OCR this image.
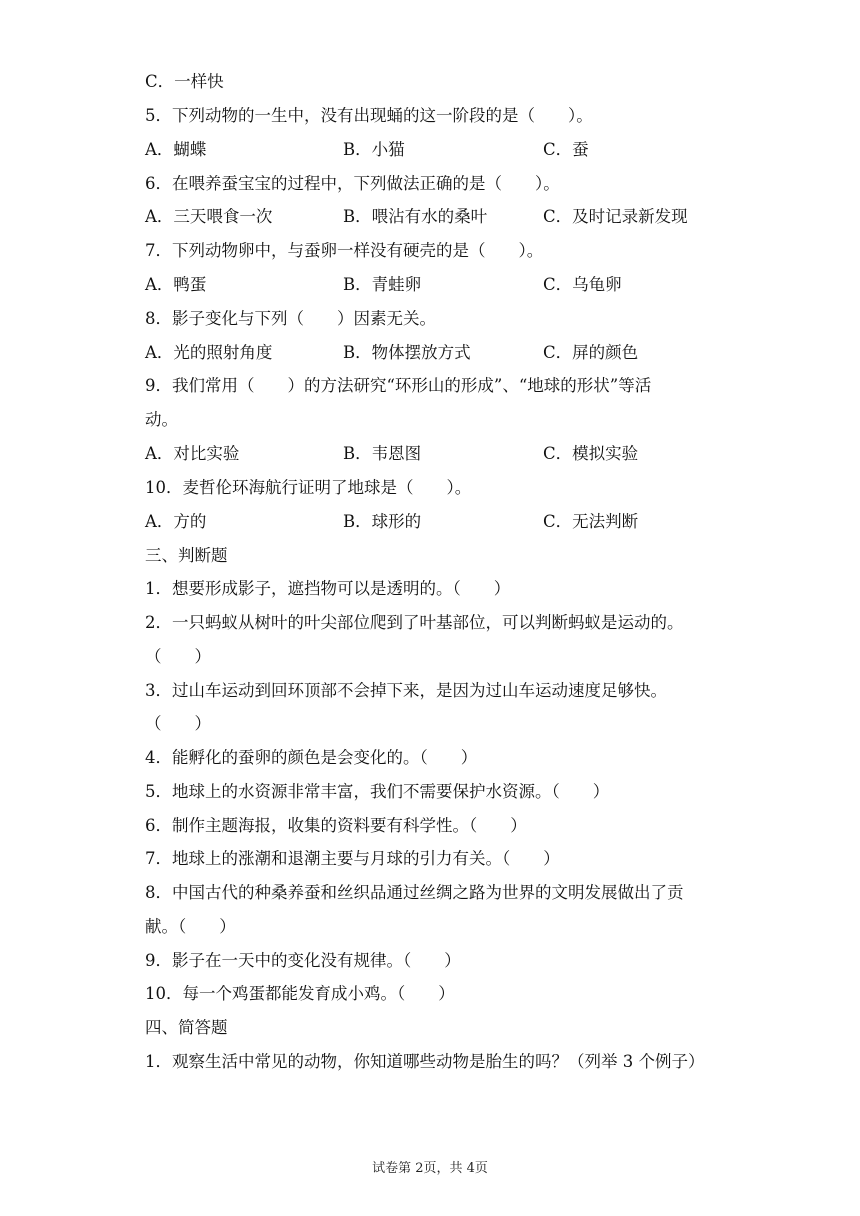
C．一样快
5．下列动物的一生中，没有出现蛹的这一阶段的是（　　）。
A．蝴蝶	B．小猫	C．蚕
6．在喂养蚕宝宝的过程中，下列做法正确的是（　　）。
A．三天喂食一次	B．喂沾有水的桑叶	C．及时记录新发现
7．下列动物卵中，与蚕卵一样没有硬壳的是（　　）。
A．鸭蛋	B．青蛙卵	C．乌龟卵
8．影子变化与下列（　　）因素无关。
A．光的照射角度	B．物体摆放方式	C．屏的颜色
9．我们常用（　　）的方法研究“环形山的形成”、“地球的形状”等活
动。
A．对比实验	B．韦恩图	C．模拟实验
10．麦哲伦环海航行证明了地球是（　　）。
A．方的	B．球形的	C．无法判断
三、判断题
1．想要形成影子，遮挡物可以是透明的。（　　）
2．一只蚂蚁从树叶的叶尖部位爬到了叶基部位，可以判断蚂蚁是运动的。
（　　）
3．过山车运动到回环顶部不会掉下来，是因为过山车运动速度足够快。
（　　）
4．能孵化的蚕卵的颜色是会变化的。（　　）
5．地球上的水资源非常丰富，我们不需要保护水资源。（　　）
6．制作主题海报，收集的资料要有科学性。（　　）
7．地球上的涨潮和退潮主要与月球的引力有关。（　　）
8．中国古代的种桑养蚕和丝织品通过丝绸之路为世界的文明发展做出了贡
献。（　　）
9．影子在一天中的变化没有规律。（　　）
10．每一个鸡蛋都能发育成小鸡。（　　）
四、简答题
1．观察生活中常见的动物，你知道哪些动物是胎生的吗？（列举 3 个例子）
试卷第 2页，共 4页
